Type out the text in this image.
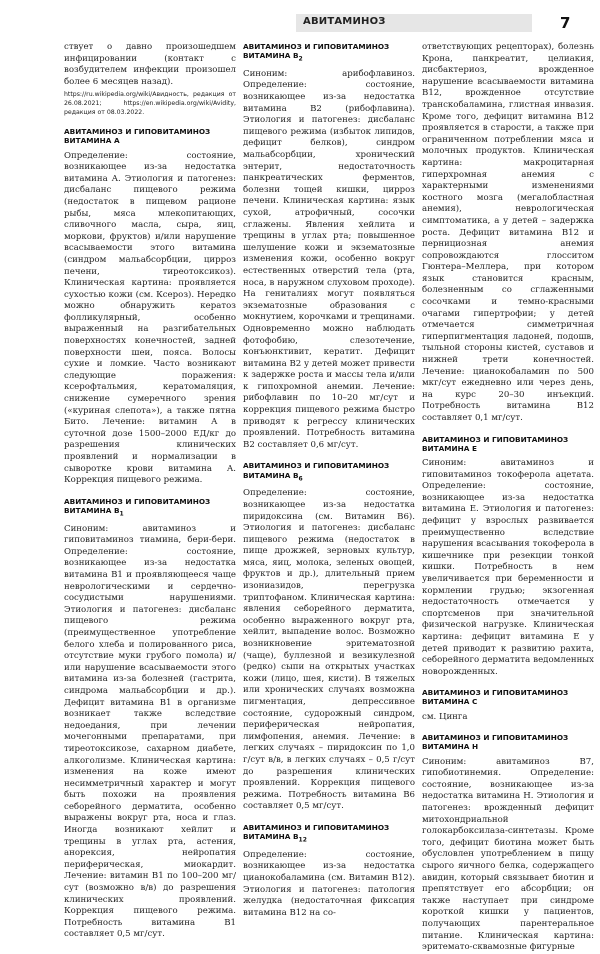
АВИТАМИНОЗ	7

ствует о давно произошедшем инфицировании (контакт с возбудителем инфекции произошел более 6 месяцев назад).

https://ru.wikipedia.org/wiki/Авидность, редакция от 26.08.2021; https://en.wikipedia.org/wiki/Avidity, редакция от 08.03.2022.

АВИТАМИНОЗ И ГИПОВИТАМИНОЗ ВИТАМИНА A

Определение: состояние, возникающее из-за недостатка витамина A. Этиология и патогенез: дисбаланс пищевого режима (недостаток в пищевом рационе рыбы, мяса млекопитающих, сливочного масла, сыра, яиц, моркови, фруктов) и/или нарушение всасываемости этого витамина (синдром мальабсорбции, цирроз печени, тиреотоксикоз). Клиническая картина: проявляется сухостью кожи (см. Ксероз). Нередко можно обнаружить кератоз фолликулярный, особенно выраженный на разгибательных поверхностях конечностей, задней поверхности шеи, пояса. Волосы сухие и ломкие. Часто возникают следующие поражения: ксерофтальмия, кератомаляция, снижение сумеречного зрения («куриная слепота»), а также пятна Бито. Лечение: витамин A в суточной дозе 1500–2000 ЕД/кг до разрешения клинических проявлений и нормализации в сыворотке крови витамина A. Коррекция пищевого режима.

АВИТАМИНОЗ И ГИПОВИТАМИНОЗ ВИТАМИНА $B_1$

Синоним: авитаминоз и гиповитаминоз тиамина, бери-бери. Определение: состояние, возникающее из-за недостатка витамина B1 и проявляющееся чаще неврологическими и сердечно-сосудистыми нарушениями. Этиология и патогенез: дисбаланс пищевого режима (преимущественное употребление белого хлеба и полированного риса, отсутствие муки грубого помола) и/или нарушение всасываемости этого витамина из-за болезней (гастрита, синдрома мальабсорбции и др.). Дефицит витамина B1 в организме возникает также вследствие недоедания, при лечении мочегонными препаратами, при тиреотоксикозе, сахарном диабете, алкоголизме. Клиническая картина: изменения на коже имеют несимметричный характер и могут быть похожи на проявления себорейного дерматита, особенно выражены вокруг рта, носа и глаз. Иногда возникают хейлит и трещины в углах рта, астения, анорексия, нейропатия периферическая, миокардит. Лечение: витамин B1 по 100–200 мг/сут (возможно в/в) до разрешения клинических проявлений. Коррекция пищевого режима. Потребность витамина B1 составляет 0,5 мг/сут.

АВИТАМИНОЗ И ГИПОВИТАМИНОЗ ВИТАМИНА $B_2$

Синоним: арибофлавиноз. Определение: состояние, возникающее из-за недостатка витамина B2 (рибофлавина). Этиология и патогенез: дисбаланс пищевого режима (избыток липидов, дефицит белков), синдром мальабсорбции, хронический энтерит, недостаточность панкреатических ферментов, болезни тощей кишки, цирроз печени. Клиническая картина: язык сухой, атрофичный, сосочки сглажены. Явления хейлита и трещины в углах рта; повышенное шелушение кожи и экзематозные изменения кожи, особенно вокруг естественных отверстий тела (рта, носа, в наружном слуховом проходе). На гениталиях могут появляться экзематозные образования с мокнутием, корочками и трещинами. Одновременно можно наблюдать фотофобию, слезотечение, конъюнктивит, кератит. Дефицит витамина B2 у детей может привести к задержке роста и массы тела и/или к гипохромной анемии. Лечение: рибофлавин по 10–20 мг/сут и коррекция пищевого режима быстро приводят к регрессу клинических проявлений. Потребность витамина B2 составляет 0,6 мг/сут.

АВИТАМИНОЗ И ГИПОВИТАМИНОЗ ВИТАМИНА $B_6$

Определение: состояние, возникающее из-за недостатка пиридоксина (см. Витамин B6). Этиология и патогенез: дисбаланс пищевого режима (недостаток в пище дрожжей, зерновых культур, мяса, яиц, молока, зеленых овощей, фруктов и др.), длительный прием изониазидов, перегрузка триптофаном. Клиническая картина: явления себорейного дерматита, особенно выраженного вокруг рта, хейлит, выпадение волос. Возможно возникновение эритематозной (чаще), буллезной и везикулезной (редко) сыпи на открытых участках кожи (лицо, шея, кисти). В тяжелых или хронических случаях возможна пигментация, депрессивное состояние, судорожный синдром, периферическая нейропатия, лимфопения, анемия. Лечение: в легких случаях – пиридоксин по 1,0 г/сут в/в, в легких случаях – 0,5 г/сут до разрешения клинических проявлений. Коррекция пищевого режима. Потребность витамина B6 составляет 0,5 мг/сут.

АВИТАМИНОЗ И ГИПОВИТАМИНОЗ ВИТАМИНА $B_{12}$

Определение: состояние, возникающее из-за недостатка цианокобаламина (см. Витамин B12). Этиология и патогенез: патология желудка (недостаточная фиксация витамина B12 на со-

ответствующих рецепторах), болезнь Крона, панкреатит, целиакия, дисбактериоз, врожденное нарушение всасываемости витамина B12, врожденное отсутствие транскобаламина, глистная инвазия. Кроме того, дефицит витамина B12 проявляется в старости, а также при ограниченном потреблении мяса и молочных продуктов. Клиническая картина: макроцитарная гиперхромная анемия с характерными изменениями костного мозга (мегалобластная анемия), неврологическая симптоматика, а у детей – задержка роста. Дефицит витамина B12 и пернициозная анемия сопровождаются глосситом Гюнтера–Меллера, при котором язык становится красным, болезненным со сглаженными сосочками и темно-красными очагами гипертрофии; у детей отмечается симметричная гиперпигментация ладоней, подошв, тыльной стороны кистей, суставов и нижней трети конечностей. Лечение: цианокобаламин по 500 мкг/сут ежедневно или через день, на курс 20–30 инъекций. Потребность витамина B12 составляет 0,1 мг/сут.

АВИТАМИНОЗ И ГИПОВИТАМИНОЗ ВИТАМИНА E

Синоним: авитаминоз и гиповитаминоз токоферола ацетата. Определение: состояние, возникающее из-за недостатка витамина E. Этиология и патогенез: дефицит у взрослых развивается преимущественно вследствие нарушения всасывания токоферола в кишечнике при резекции тонкой кишки. Потребность в нем увеличивается при беременности и кормлении грудью; экзогенная недостаточность отмечается у спортсменов при значительной физической нагрузке. Клиническая картина: дефицит витамина E у детей приводит к развитию рахита, себорейного дерматита ведомленных новорожденных.

АВИТАМИНОЗ И ГИПОВИТАМИНОЗ ВИТАМИНА C

см. Цинга

АВИТАМИНОЗ И ГИПОВИТАМИНОЗ ВИТАМИНА H

Синоним: авитаминоз B7, гипобиотинемия. Определение: состояние, возникающее из-за недостатка витамина H. Этиология и патогенез: врожденный дефицит митохондриальной голокарбоксилаза-синтетазы. Кроме того, дефицит биотина может быть обусловлен употреблением в пищу сырого яичного белка, содержащего авидин, который связывает биотин и препятствует его абсорбции; он также наступает при синдроме короткой кишки у пациентов, получающих парентеральное питание. Клиническая картина: эритемато-сквамозные фигурные
